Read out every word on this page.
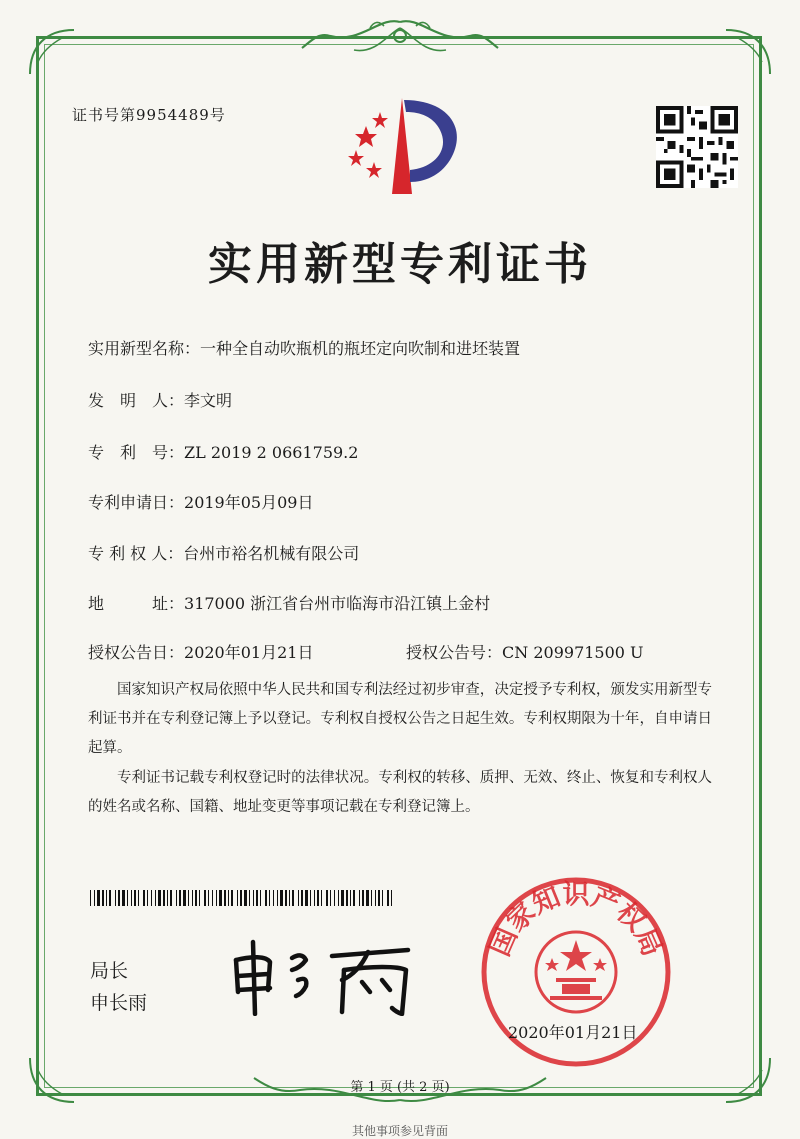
证书号第9954489号
实用新型专利证书
实用新型名称：一种全自动吹瓶机的瓶坯定向吹制和进坯装置
发　明　人：李文明
专　利　号：ZL 2019 2 0661759.2
专利申请日：2019年05月09日
专 利 权 人：台州市裕名机械有限公司
地　　　址：317000 浙江省台州市临海市沿江镇上金村
授权公告日：2020年01月21日	授权公告号：CN 209971500 U
国家知识产权局依照中华人民共和国专利法经过初步审查，决定授予专利权，颁发实用新型专利证书并在专利登记簿上予以登记。专利权自授权公告之日起生效。专利权期限为十年，自申请日起算。
专利证书记载专利权登记时的法律状况。专利权的转移、质押、无效、终止、恢复和专利权人的姓名或名称、国籍、地址变更等事项记载在专利登记簿上。
局长
申长雨
国家知识产权局
2020年01月21日
第 1 页 (共 2 页)
其他事项参见背面
